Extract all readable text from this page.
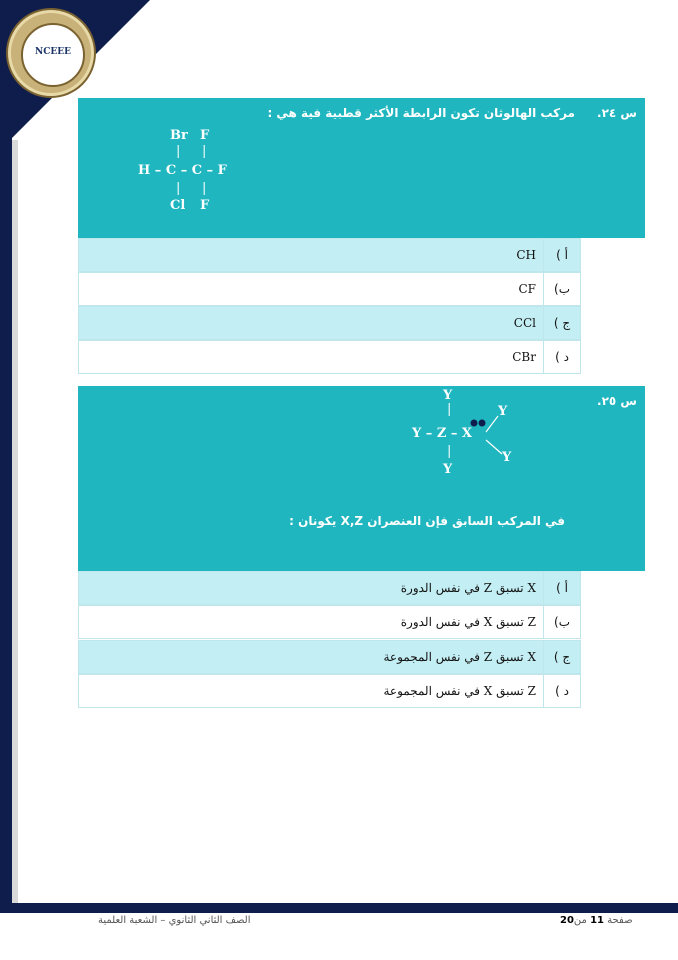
NCEEE
س ٢٤.
مركب الهالوثان تكون الرابطة الأكثر قطبية فية هي :
Br F
| |
H – C – C – F
| |
Cl F
أ )
CH
ب)
CF
ج )
CCl
د )
CBr
س ٢٥.
Y
|
Y – Z – X
|
Y
Y
Y
في المركب السابق فإن العنصران X,Z يكونان :
أ )
X تسبق Z في نفس الدورة
ب)
Z تسبق X في نفس الدورة
ج )
X تسبق Z في نفس المجموعة
د )
Z تسبق X في نفس المجموعة
الصف الثاني الثانوي – الشعبة العلمية	صفحة 11 من20
